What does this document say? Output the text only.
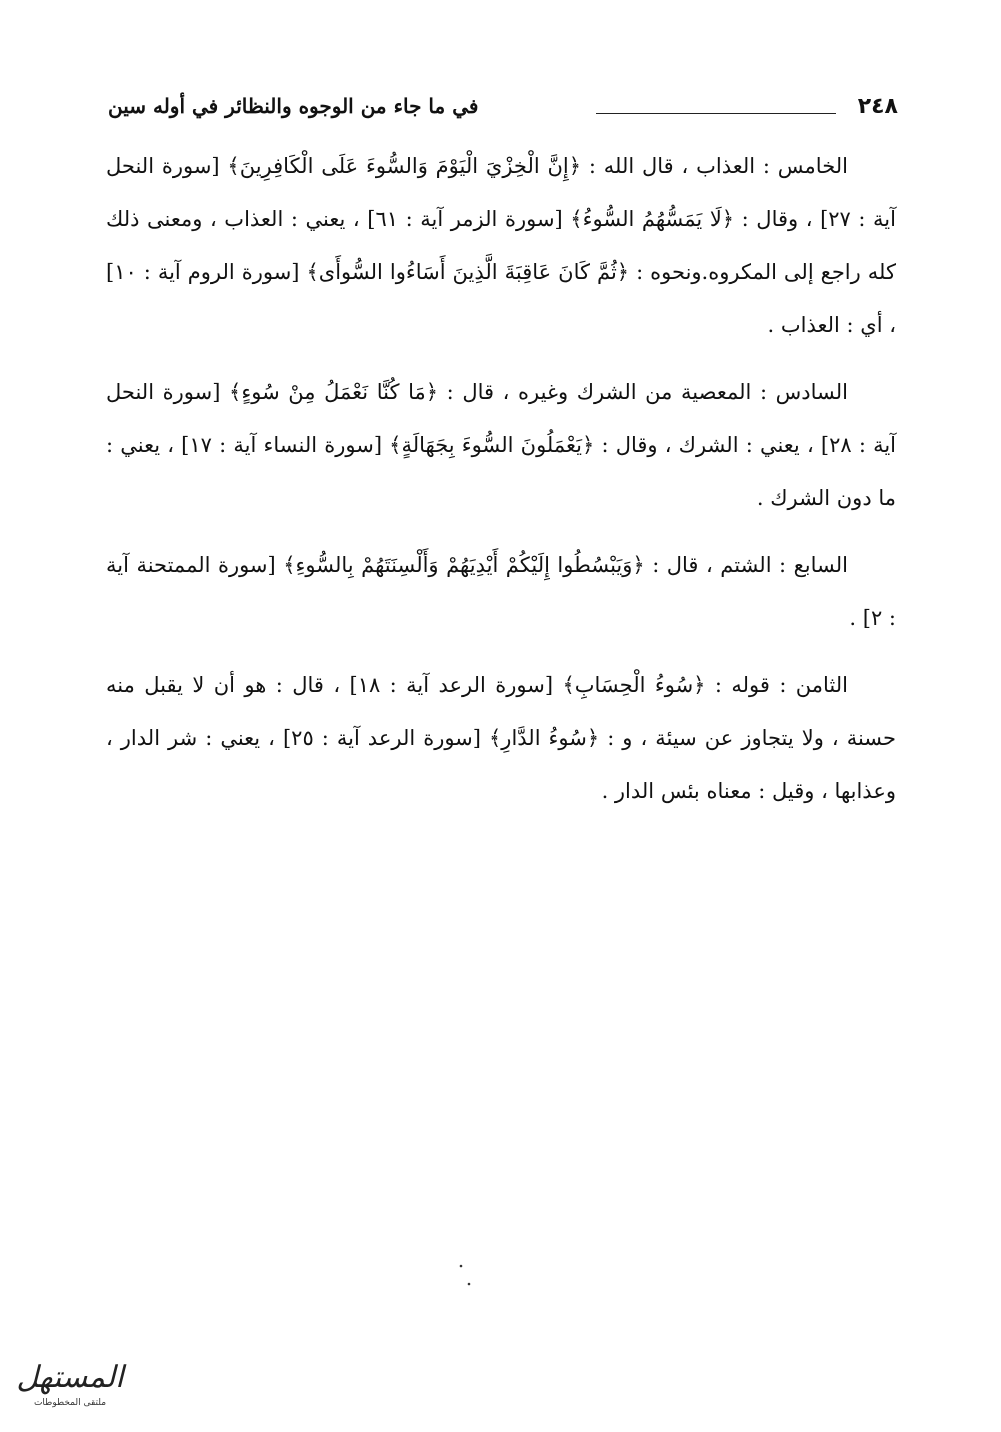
٢٤٨
في ما جاء من الوجوه والنظائر في أوله سين

الخامس : العذاب ، قال الله : ﴿إِنَّ الْخِزْيَ الْيَوْمَ وَالسُّوءَ عَلَى الْكَافِرِينَ﴾ [سورة النحل آية : ٢٧] ، وقال : ﴿لَا يَمَسُّهُمُ السُّوءُ﴾ [سورة الزمر آية : ٦١] ، يعني : العذاب ، ومعنى ذلك كله راجع إلى المكروه.ونحوه : ﴿ثُمَّ كَانَ عَاقِبَةَ الَّذِينَ أَسَاءُوا السُّوأَى﴾ [سورة الروم آية : ١٠] ، أي : العذاب .

السادس : المعصية من الشرك وغيره ، قال : ﴿مَا كُنَّا نَعْمَلُ مِنْ سُوءٍ﴾ [سورة النحل آية : ٢٨] ، يعني : الشرك ، وقال : ﴿يَعْمَلُونَ السُّوءَ بِجَهَالَةٍ﴾ [سورة النساء آية : ١٧] ، يعني : ما دون الشرك .

السابع : الشتم ، قال : ﴿وَيَبْسُطُوا إِلَيْكُمْ أَيْدِيَهُمْ وَأَلْسِنَتَهُمْ بِالسُّوءِ﴾ [سورة الممتحنة آية : ٢] .

الثامن : قوله : ﴿سُوءُ الْحِسَابِ﴾ [سورة الرعد آية : ١٨] ، قال : هو أن لا يقبل منه حسنة ، ولا يتجاوز عن سيئة ، و : ﴿سُوءُ الدَّارِ﴾ [سورة الرعد آية : ٢٥] ، يعني : شر الدار ، وعذابها ، وقيل : معناه بئس الدار .

المستهل
ملتقى المخطوطات
